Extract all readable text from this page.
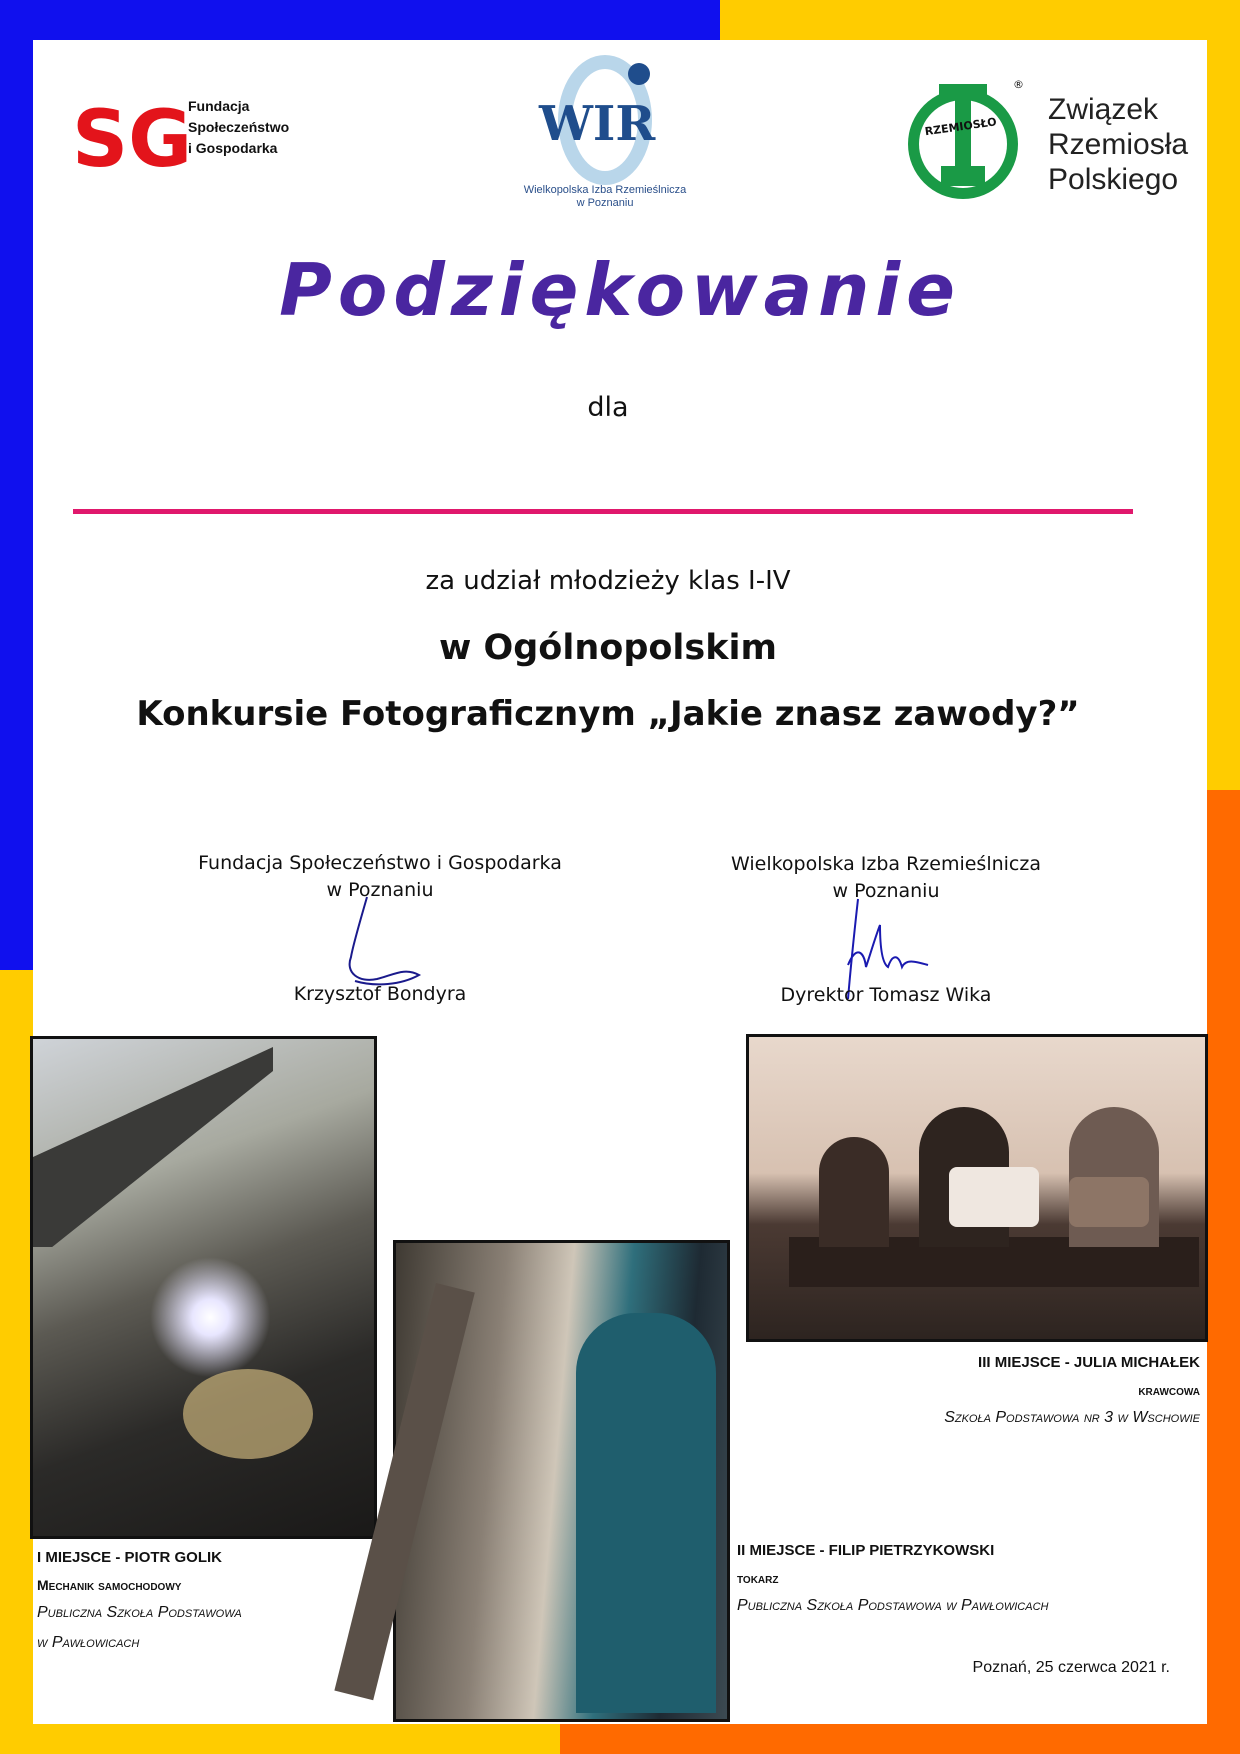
SG
Fundacja
Społeczeństwo
i Gospodarka	WIR
Wielkopolska Izba Rzemieślnicza
w Poznaniu
RZEMIOSŁO
®
Związek
Rzemiosła
Polskiego
Podziękowanie
dla
za udział młodzieży klas I-IV
w Ogólnopolskim
Konkursie Fotograficznym „Jakie znasz zawody?”
Fundacja Społeczeństwo i Gospodarka
w Poznaniu
Krzysztof Bondyra
Wielkopolska Izba Rzemieślnicza
w Poznaniu
Dyrektor Tomasz Wika
I MIEJSCE - PIOTR GOLIK
Mechanik samochodowy
Publiczna Szkoła Podstawowa
w Pawłowicach
II MIEJSCE - FILIP PIETRZYKOWSKI
tokarz
Publiczna Szkoła Podstawowa w Pawłowicach
III MIEJSCE - JULIA MICHAŁEK
krawcowa
Szkoła Podstawowa nr 3 w Wschowie
Poznań, 25 czerwca 2021 r.
